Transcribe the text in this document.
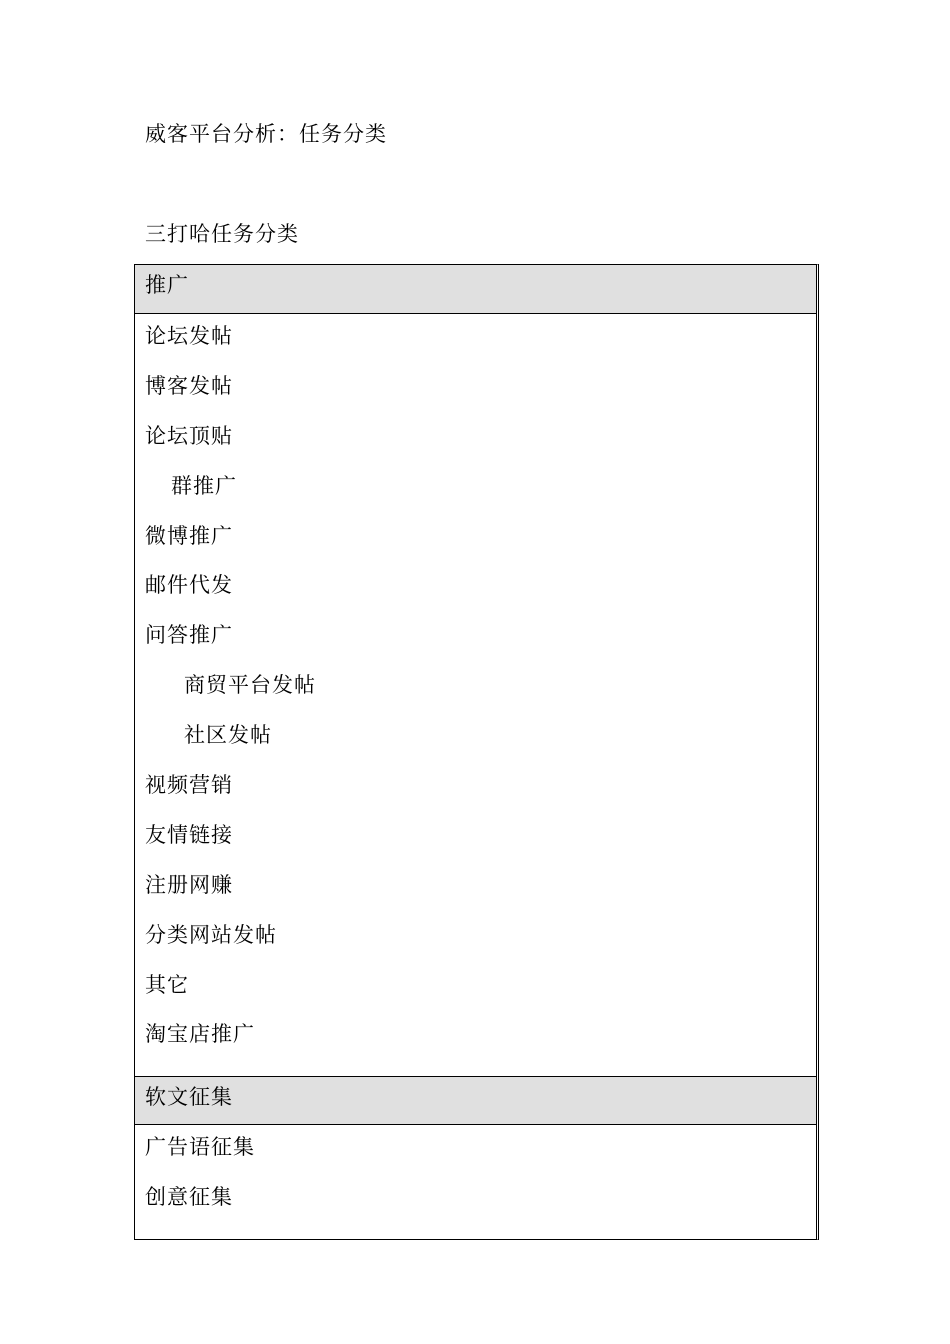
威客平台分析：任务分类
三打哈任务分类
推广
论坛发帖
博客发帖
论坛顶贴
群推广
微博推广
邮件代发
问答推广
商贸平台发帖
社区发帖
视频营销
友情链接
注册网赚
分类网站发帖
其它
淘宝店推广
软文征集
广告语征集
创意征集
